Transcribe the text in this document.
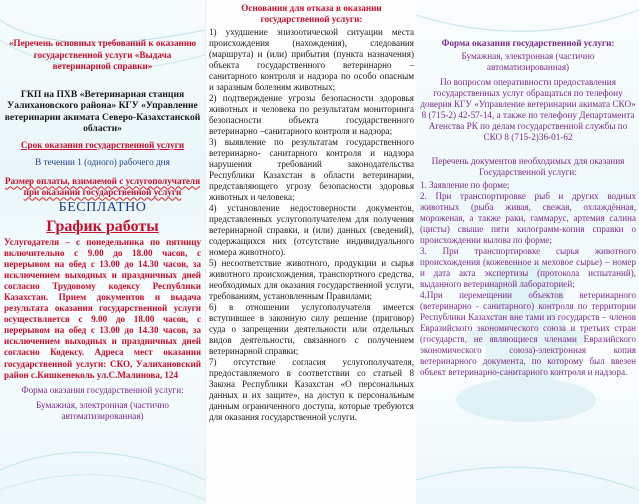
«Перечень основных требований к оказанию государственной услуги «Выдача ветеринарной справки»

ГКП на ПХВ «Ветеринарная станция Уалихановского района» КГУ «Управление ветеринарии акимата Северо-Казахстанской области»

Срок оказания государственной услуги

В течении 1 (одного) рабочего дня

Размер оплаты, взимаемой с услугополучателя при оказании государственной услуги

БЕСПЛАТНО

График работы

Услугодателя – с понедельника по пятницу включительно с 9.00 до 18.00 часов, с перерывом на обед с 13.00 до 14.30 часов, за исключением выходных и праздничных дней согласно Трудовому кодексу Республики Казахстан. Прием документов и выдача результата оказания государственной услуги осуществляется с 9.00 до 18.00 часов, с перерывом на обед с 13.00 до 14.30 часов, за исключением выходных и праздничных дней согласно Кодексу. Адреса мест оказания государственной услуги: СКО, Уалихановский район с.Кишкенеколь ул.С.Малинова, 124

Форма оказания государственной услуги:

Бумажная, электронная (частично автоматизированная)

Основания для отказа в оказании государственной услуги:

1) ухудшение эпизоотической ситуации места происхождения (нахождения), следования (маршрута) и (или) прибытия (пункта назначения) объекта государственного ветеринарно – санитарного контроля и надзора по особо опасным и заразным болезням животных;

2) подтверждение угрозы безопасности здоровья животных и человека по результатам мониторинга безопасности объекта государственного ветеринарно –санитарного контроля и надзора;

3) выявление по результатам государственного ветеринарно- санитарного контроля и надзора нарушения требований законодательства Республики Казахстан в области ветеринарии, представляющего угрозу безопасности здоровья животных и человека;

4) установление недостоверности документов, представленных услугополучателем для получения ветеринарной справки, и (или) данных (сведений), содержащихся них (отсутствие индивидуального номера животного).

5) несоответствие животного, продукции и сырья животного происхождения, транспортного средства, необходимых для оказания государственной услуги, требованиям, установленным Правилами;

6) в отношении услугополучателя имеется вступившее в законную силу решение (приговор) суда о запрещении деятельности или отдельных видов деятельности, связанного с получением ветеринарной справки;

7) отсутствие согласия услугополучателя, предоставляемого в соответствии со статьей 8 Закона Республики Казахстан «О персональных данных и их защите», на доступ к персональным данным ограниченного доступа, которые требуются для оказания государственной услуги.

Форма оказания государственной услуги:

Бумажная, электронная (частично автоматизированная)

По вопросом оперативности предоставления государственных услуг обращаться по телефону доверия КГУ «Управление ветеринарии акимата СКО» 8 (715-2) 42-57-14, а также по телефону Департамента Агенства РК по делам государственной службы по СКО 8 (715-2)36-01-62

Перечень документов необходимых для оказания Государственной услуги:

1. Заявление по форме;

2. При транспортировке рыб и других водных животных (рыба живая, свежая, охлаждённая, мороженая, а также раки, гаммарус, артемия салина (цисты) свыше пяти килограмм-копия справки о происхождении вылова по форме;

3. При транспортировке сырья животного происхождения (кожевенное и меховое сырье) – номер и дата акта экспертизы (протокола испытаний), выданного ветеринарной лабораторией;

4.При перемещении объектов ветеринарного (ветеринарно - санитарного) контроля по территории Республики Казахстан вне тами из государств – членов Евразийского экономического союза и третьих стран (государств, не являющиеся членами Евразийского экономического союза)-электронная копия ветеринарного документа, по которому был ввезен объект ветеринарно-санитарного контроля и надзора.
